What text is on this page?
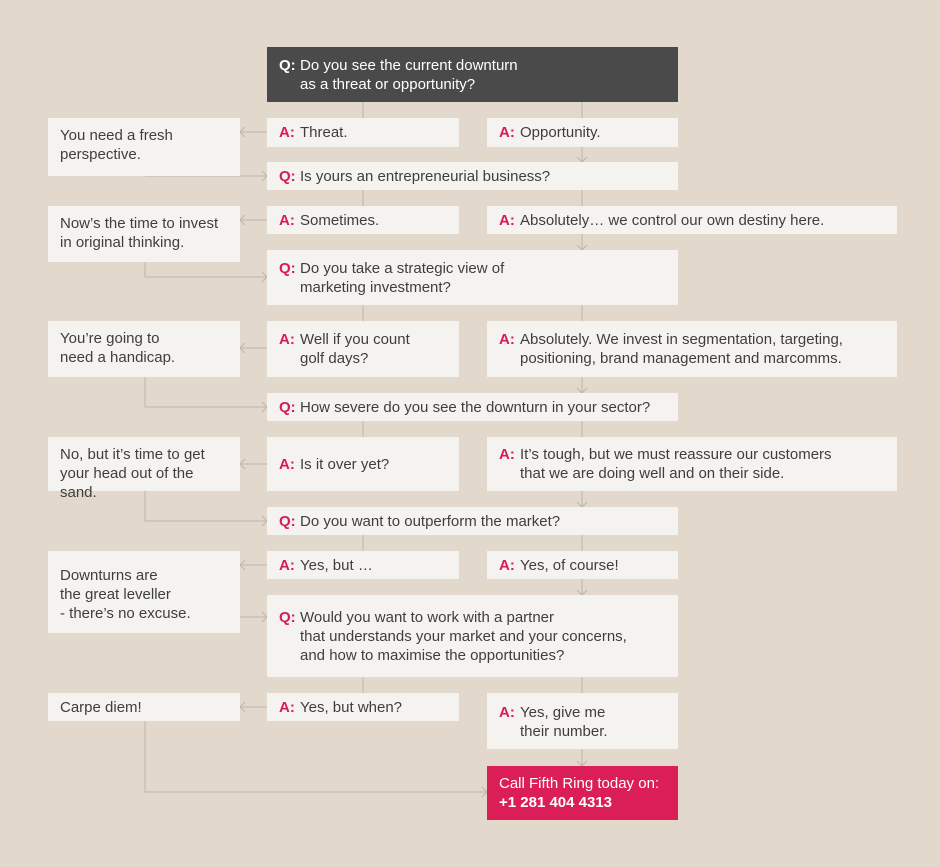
Q: Do you see the current downturn
as a threat or opportunity?
Q: Is yours an entrepreneurial business?
Q: Do you take a strategic view of
marketing investment?
Q: How severe do you see the downturn in your sector?
Q: Do you want to outperform the market?
Q: Would you want to work with a partner
that understands your market and your concerns,
and how to maximise the opportunities?
A: Threat.
A: Sometimes.
A: Well if you count
golf days?
A: Is it over yet?
A: Yes, but …
A: Yes, but when?
A: Opportunity.
A: Absolutely… we control our own destiny here.
A: Absolutely. We invest in segmentation, targeting,
positioning, brand management and marcomms.
A: It’s tough, but we must reassure our customers
that we are doing well and on their side.
A: Yes, of course!
A: Yes, give me
their number.
You need a fresh
perspective.
Now’s the time to invest
in original thinking.
You’re going to
need a handicap.
No, but it’s time to get
your head out of the sand.
Downturns are
the great leveller
- there’s no excuse.
Carpe diem!
Call Fifth Ring today on:
+1 281 404 4313
